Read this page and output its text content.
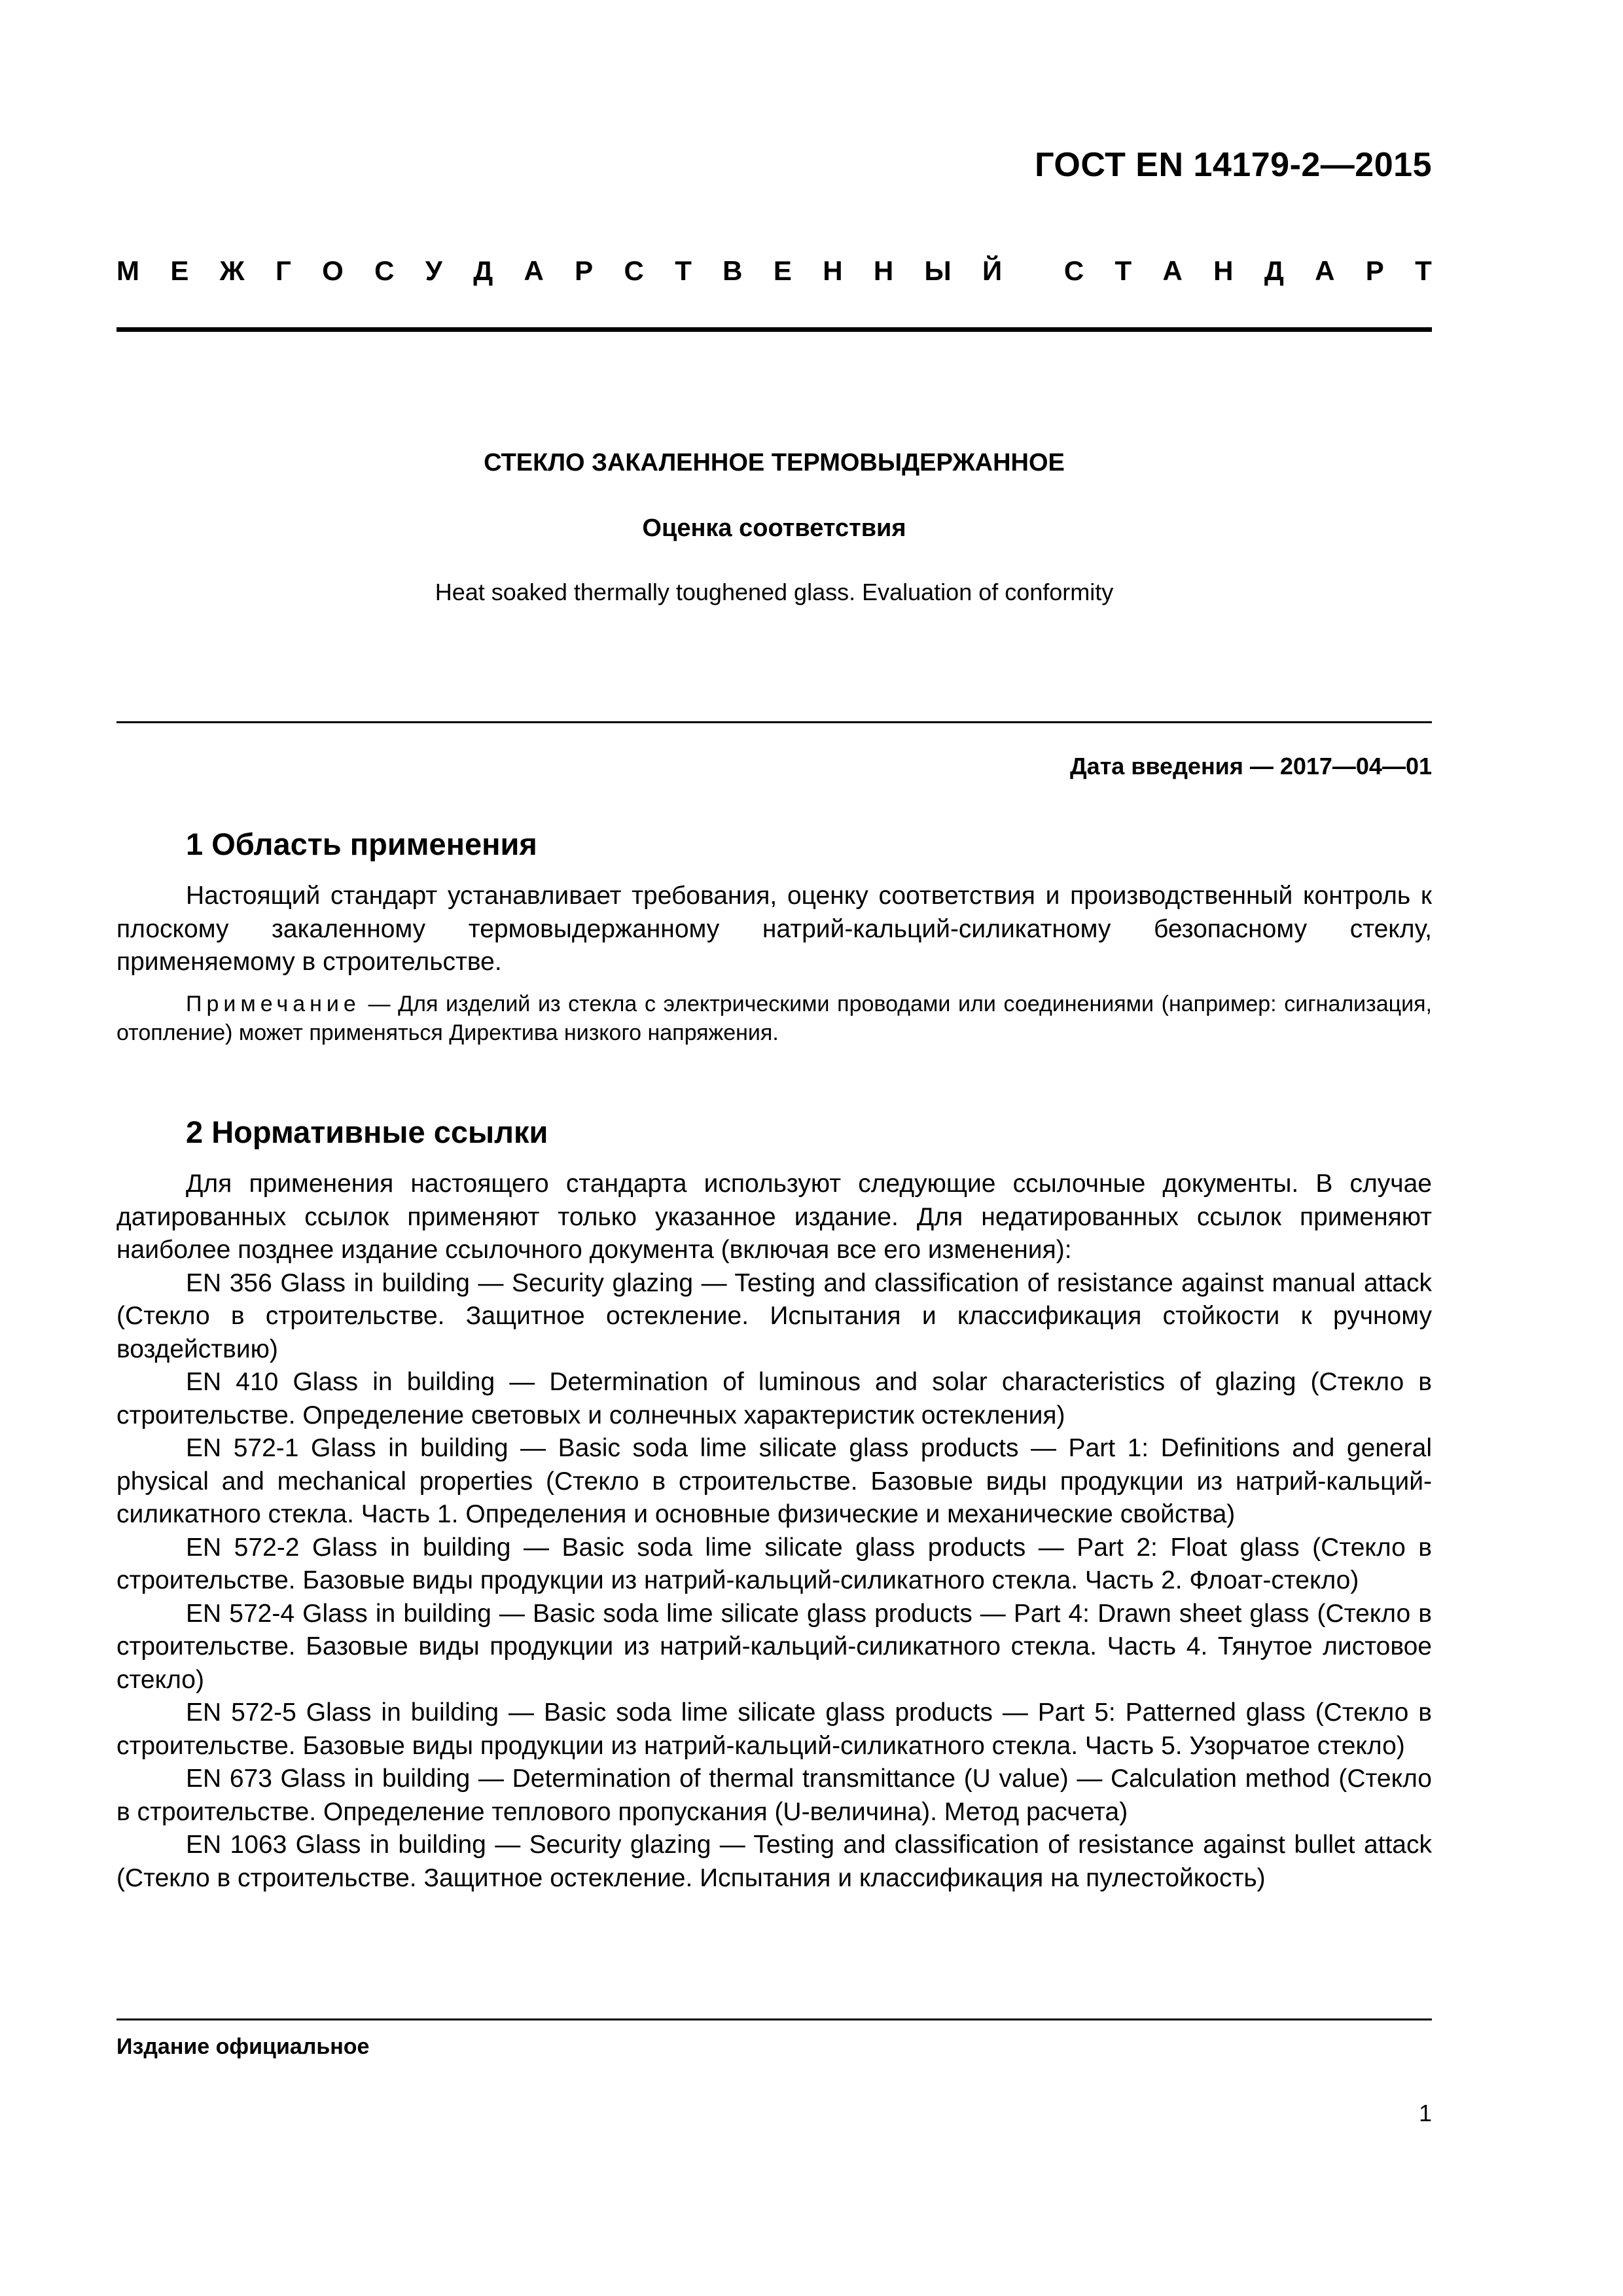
ГОСТ EN 14179-2—2015
М Е Ж Г О С У Д А Р С Т В Е Н Н Ы Й С Т А Н Д А Р Т
СТЕКЛО ЗАКАЛЕННОЕ ТЕРМОВЫДЕРЖАННОЕ
Оценка соответствия
Heat soaked thermally toughened glass. Evaluation of conformity
Дата введения — 2017—04—01
1 Область применения

Настоящий стандарт устанавливает требования, оценку соответствия и производственный контроль к плоскому закаленному термовыдержанному натрий-кальций-силикатному безопасному стеклу, применяемому в строительстве.

Примечание — Для изделий из стекла с электрическими проводами или соединениями (например: сигнализация, отопление) может применяться Директива низкого напряжения.

2 Нормативные ссылки

Для применения настоящего стандарта используют следующие ссылочные документы. В случае датированных ссылок применяют только указанное издание. Для недатированных ссылок применяют наиболее позднее издание ссылочного документа (включая все его изменения):

EN 356 Glass in building — Security glazing — Testing and classification of resistance against manual attack (Стекло в строительстве. Защитное остекление. Испытания и классификация стойкости к ручному воздействию)

EN 410 Glass in building — Determination of luminous and solar characteristics of glazing (Стекло в строительстве. Определение световых и солнечных характеристик остекления)

EN 572-1 Glass in building — Basic soda lime silicate glass products — Part 1: Definitions and general physical and mechanical properties (Стекло в строительстве. Базовые виды продукции из натрий-кальций-силикатного стекла. Часть 1. Определения и основные физические и механические свойства)

EN 572-2 Glass in building — Basic soda lime silicate glass products — Part 2: Float glass (Стекло в строительстве. Базовые виды продукции из натрий-кальций-силикатного стекла. Часть 2. Флоат-стекло)

EN 572-4 Glass in building — Basic soda lime silicate glass products — Part 4: Drawn sheet glass (Стекло в строительстве. Базовые виды продукции из натрий-кальций-силикатного стекла. Часть 4. Тянутое листовое стекло)

EN 572-5 Glass in building — Basic soda lime silicate glass products — Part 5: Patterned glass (Стекло в строительстве. Базовые виды продукции из натрий-кальций-силикатного стекла. Часть 5. Узорчатое стекло)

EN 673 Glass in building — Determination of thermal transmittance (U value) — Calculation method (Стекло в строительстве. Определение теплового пропускания (U-величина). Метод расчета)

EN 1063 Glass in building — Security glazing — Testing and classification of resistance against bullet attack (Стекло в строительстве. Защитное остекление. Испытания и классификация на пулестойкость)

Издание официальное
1
